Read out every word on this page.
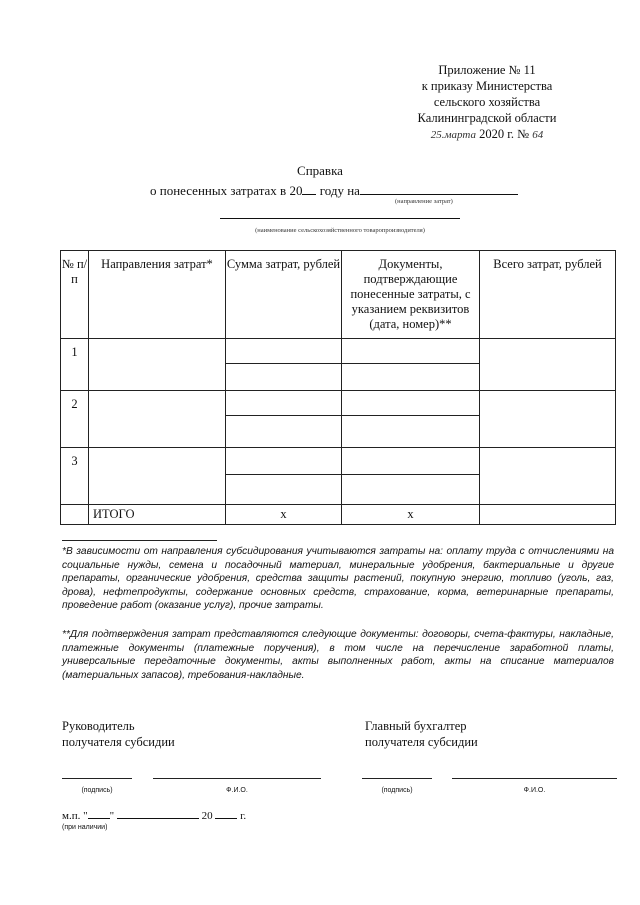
Приложение № 11
к приказу Министерства
сельского хозяйства
Калининградской области
25.марта 2020 г. № 64
Справка
о понесенных затратах в 20 году на
(направление затрат)
(наименование сельскохозяйственного товаропроизводителя)
№ п/п	Направления затрат*	Сумма затрат, рублей	Документы, подтверждающие понесенные затраты, с указанием реквизитов (дата, номер)**	Всего затрат, рублей
1				

2				

3				

	ИТОГО	х	х	
*В зависимости от направления субсидирования учитываются затраты на: оплату труда с отчислениями на социальные нужды, семена и посадочный материал, минеральные удобрения, бактериальные и другие препараты, органические удобрения, средства защиты растений, покупную энергию, топливо (уголь, газ, дрова), нефтепродукты, содержание основных средств, страхование, корма, ветеринарные препараты, проведение работ (оказание услуг), прочие затраты.
**Для подтверждения затрат представляются следующие документы: договоры, счета-фактуры, накладные, платежные документы (платежные поручения), в том числе на перечисление заработной платы, универсальные передаточные документы, акты выполненных работ, акты на списание материалов (материальных запасов), требования-накладные.
Руководитель
получателя субсидии
Главный бухгалтер
получателя субсидии
(подпись)	Ф.И.О.	(подпись)	Ф.И.О.
м.п. " "	20	г.
(при наличии)
